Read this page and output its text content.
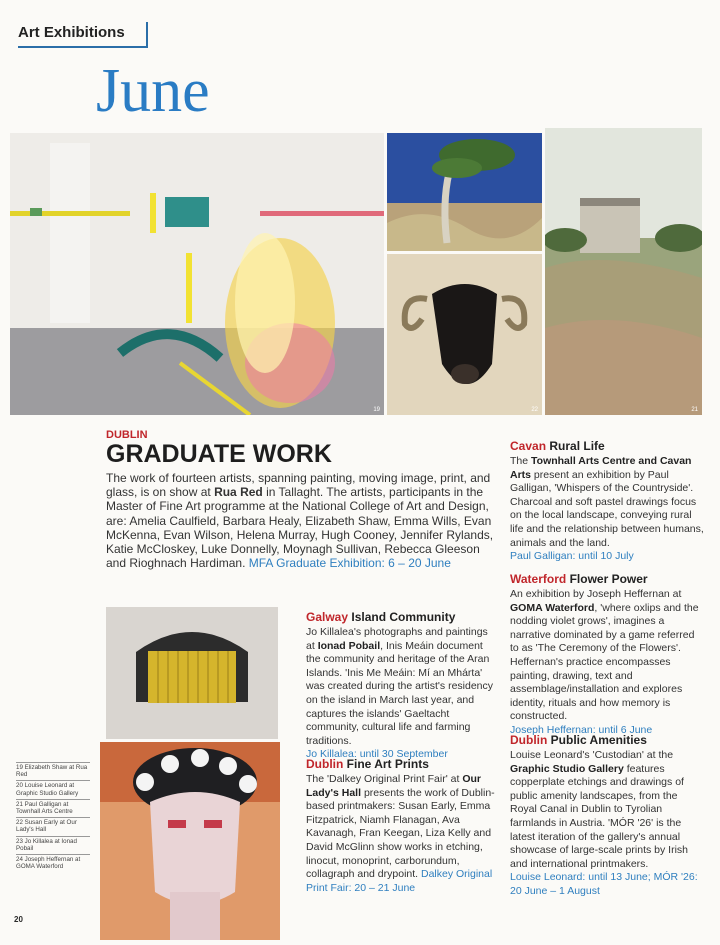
Art Exhibitions
June
19	22	21
DUBLIN
GRADUATE WORK
The work of fourteen artists, spanning painting, moving image, print, and glass, is on show at Rua Red in Tallaght. The artists, participants in the Master of Fine Art programme at the National College of Art and Design, are: Amelia Caulfield, Barbara Healy, Elizabeth Shaw, Emma Wills, Evan McKenna, Evan Wilson, Helena Murray, Hugh Cooney, Jennifer Rylands, Katie McCloskey, Luke Donnelly, Moynagh Sullivan, Rebecca Gleeson and Rioghnach Hardiman. MFA Graduate Exhibition: 6 – 20 June
Galway Island Community
Jo Killalea's photographs and paintings at Ionad Pobail, Inis Meáin document the community and heritage of the Aran Islands. 'Inis Me Meáin: Mí an Mhárta' was created during the artist's residency on the island in March last year, and captures the islands' Gaeltacht community, cultural life and farming traditions.
Jo Killalea: until 30 September
Dublin Fine Art Prints
The 'Dalkey Original Print Fair' at Our Lady's Hall presents the work of Dublin-based printmakers: Susan Early, Emma Fitzpatrick, Niamh Flanagan, Ava Kavanagh, Fran Keegan, Liza Kelly and David McGlinn show works in etching, linocut, monoprint, carborundum, collagraph and drypoint. Dalkey Original Print Fair: 20 – 21 June
Cavan Rural Life
The Townhall Arts Centre and Cavan Arts present an exhibition by Paul Galligan, 'Whispers of the Countryside'. Charcoal and soft pastel drawings focus on the local landscape, conveying rural life and the relationship between humans, animals and the land.
Paul Galligan: until 10 July
Waterford Flower Power
An exhibition by Joseph Heffernan at GOMA Waterford, 'where oxlips and the nodding violet grows', imagines a narrative dominated by a game referred to as 'The Ceremony of the Flowers'. Heffernan's practice encompasses painting, drawing, text and assemblage/installation and explores identity, rituals and how memory is constructed.
Joseph Heffernan: until 6 June
Dublin Public Amenities
Louise Leonard's 'Custodian' at the Graphic Studio Gallery features copperplate etchings and drawings of public amenity landscapes, from the Royal Canal in Dublin to Tyrolian farmlands in Austria. 'MÓR '26' is the latest iteration of the gallery's annual showcase of large-scale prints by Irish and international printmakers.
Louise Leonard: until 13 June; MÓR '26: 20 June – 1 August
19 Elizabeth Shaw at Rua Red
20 Louise Leonard at Graphic Studio Gallery
21 Paul Galligan at Townhall Arts Centre
22 Susan Early at Our Lady's Hall
23 Jo Killalea at Ionad Pobail
24 Joseph Heffernan at GOMA Waterford
20
